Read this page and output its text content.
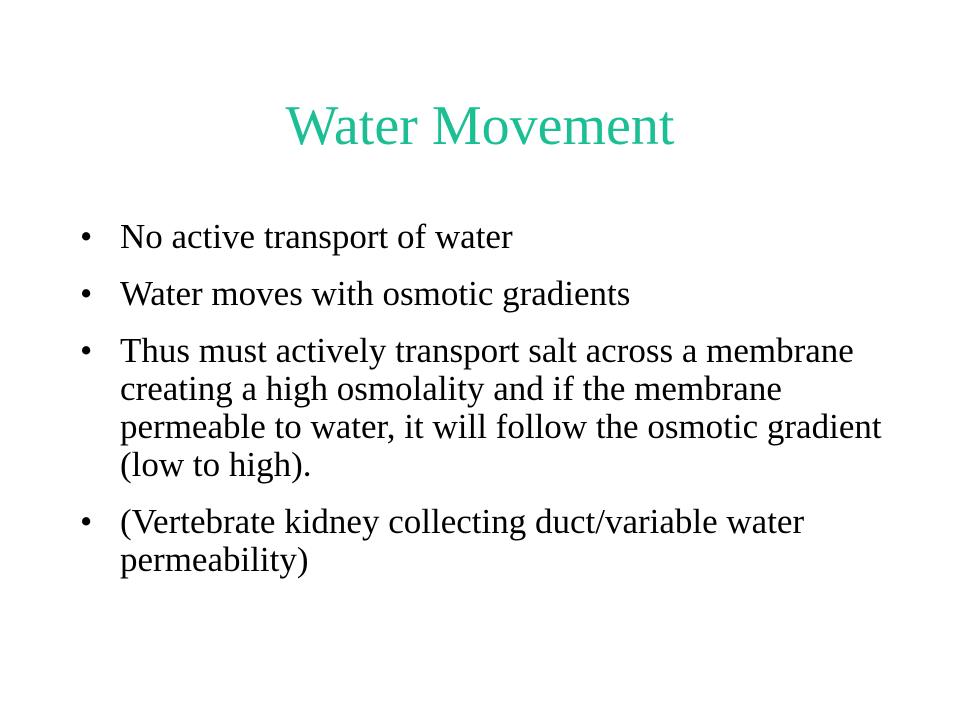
Water Movement
• No active transport of water
• Water moves with osmotic gradients
• Thus must actively transport salt across a membrane creating a high osmolality and if the membrane permeable to water, it will follow the osmotic gradient (low to high).
• (Vertebrate kidney collecting duct/variable water permeability)
